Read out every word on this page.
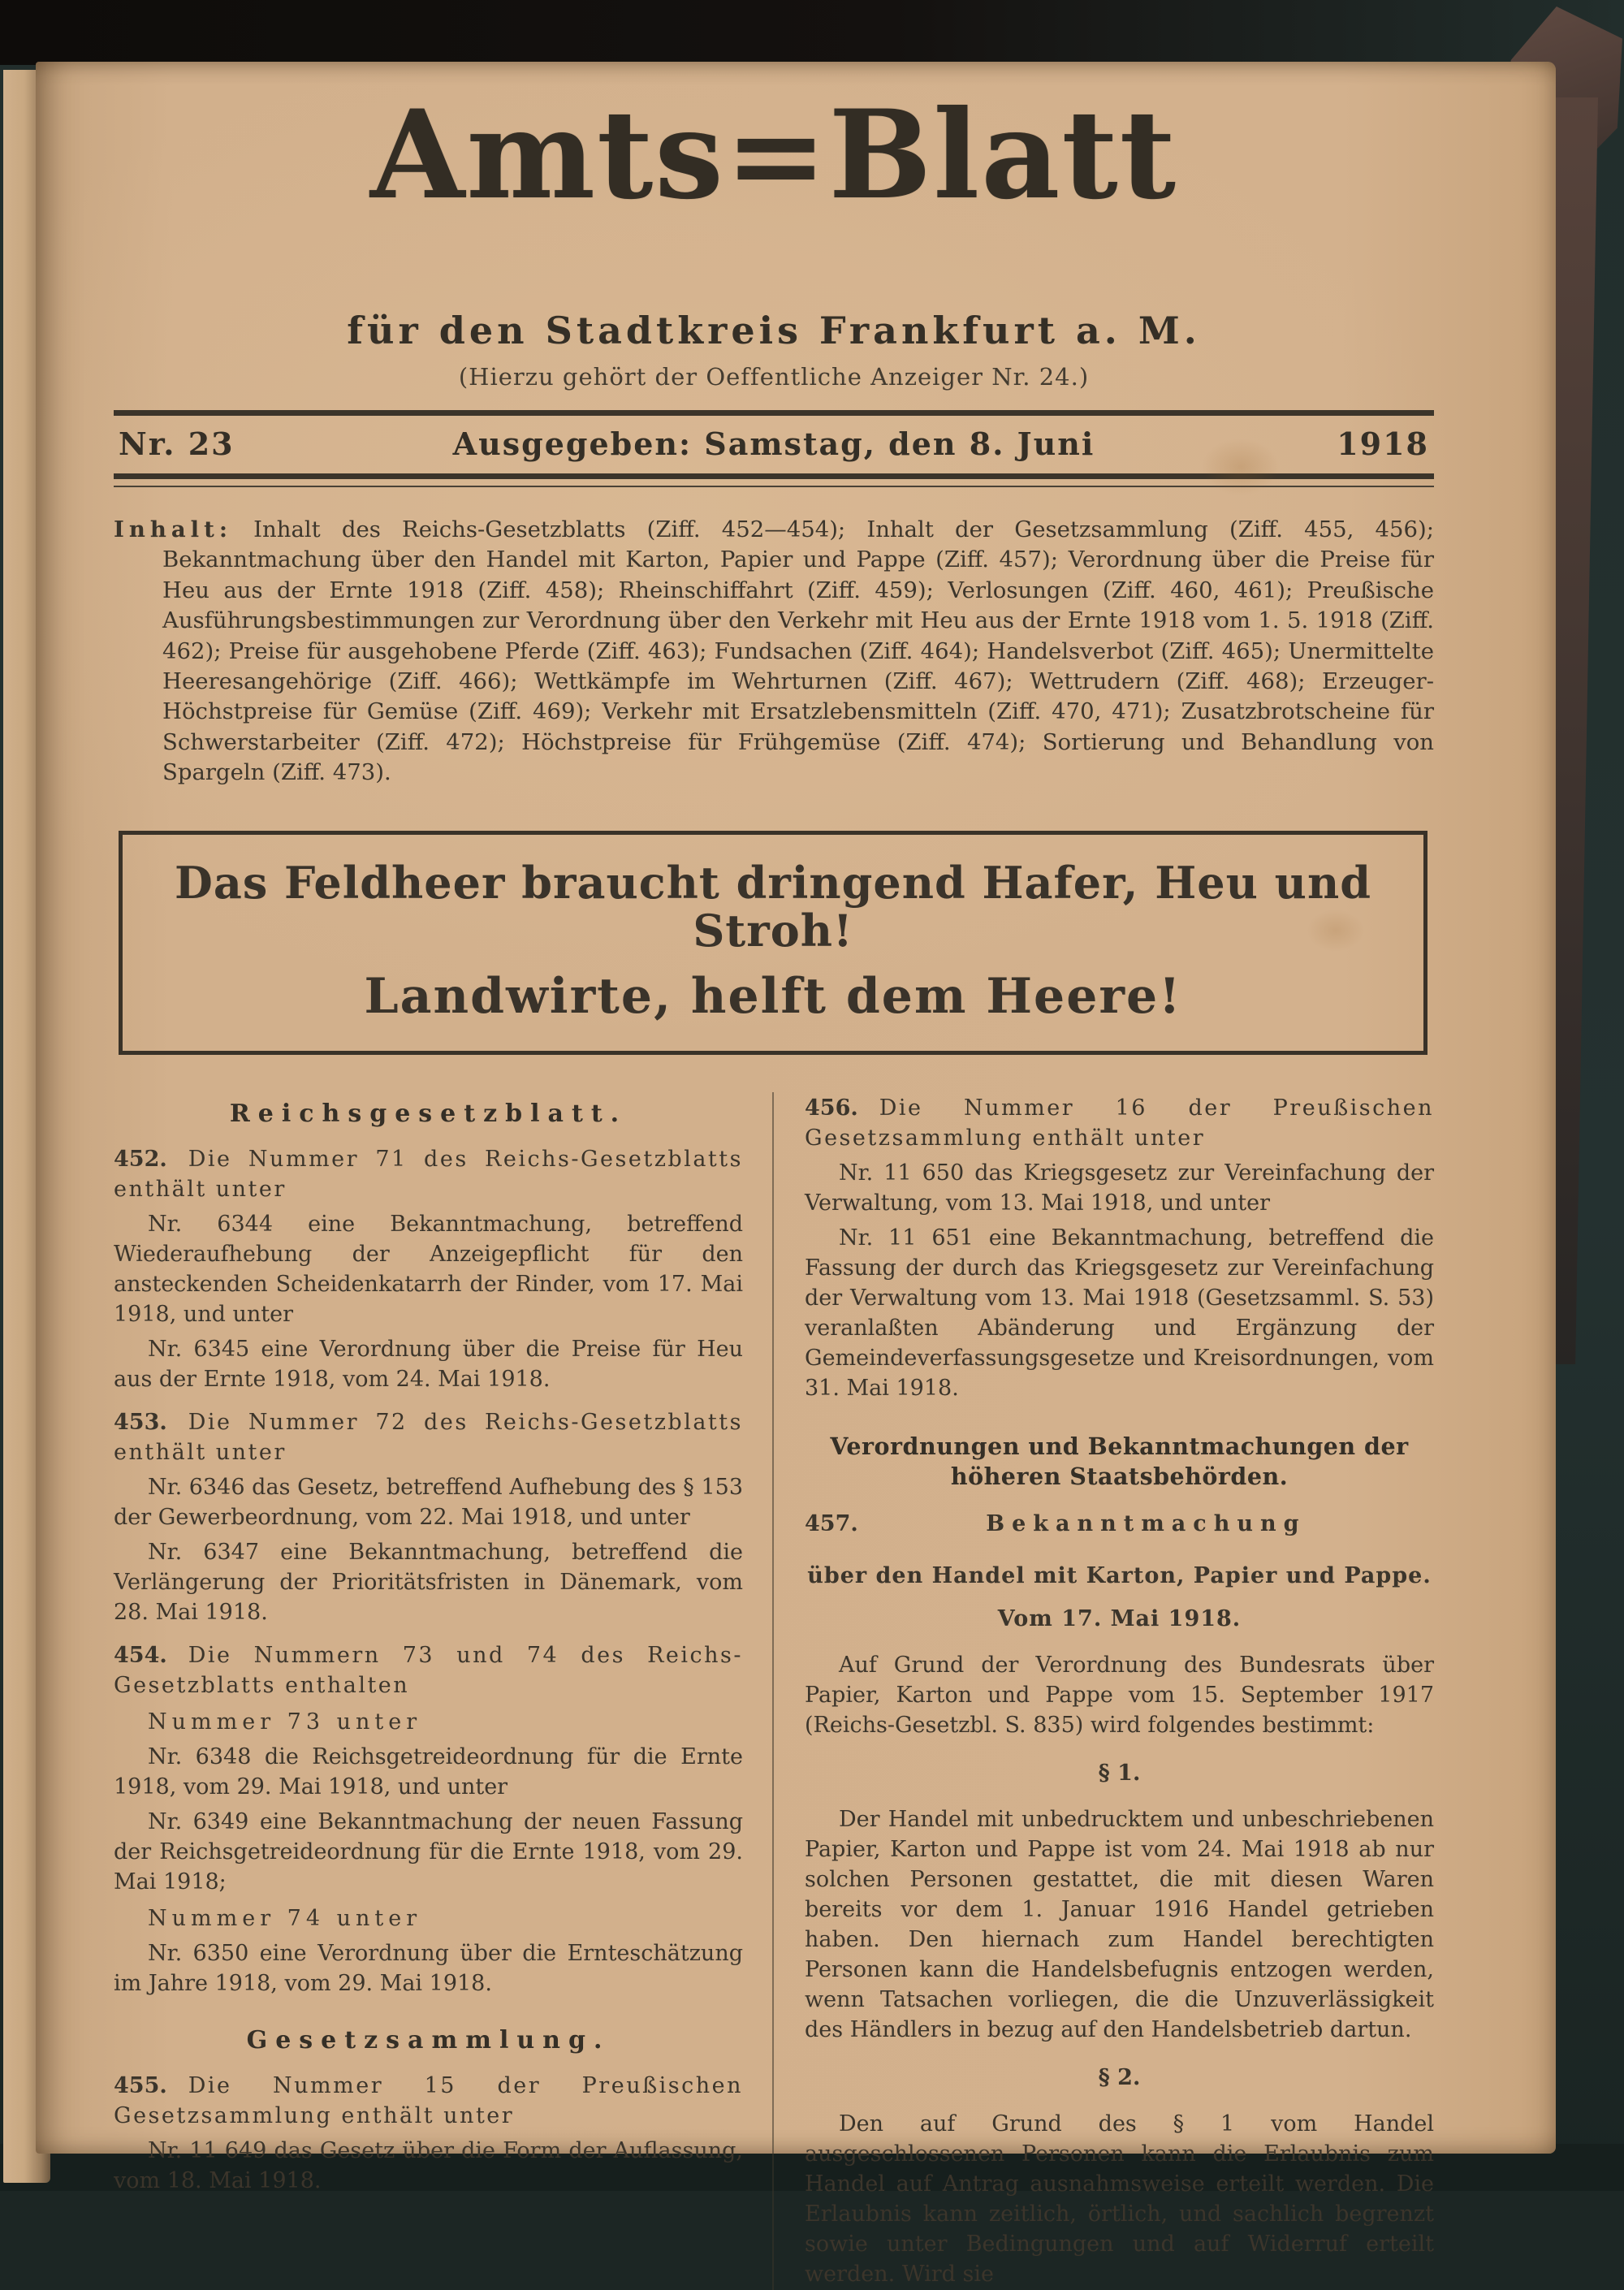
Amts=Blatt
für den Stadtkreis Frankfurt a. M.
(Hierzu gehört der Oeffentliche Anzeiger Nr. 24.)
Nr. 23	Ausgegeben: Samstag, den 8. Juni	1918

Inhalt: Inhalt des Reichs-Gesetzblatts (Ziff. 452—454); Inhalt der Gesetzsammlung (Ziff. 455, 456); Bekanntmachung über den Handel mit Karton, Papier und Pappe (Ziff. 457); Verordnung über die Preise für Heu aus der Ernte 1918 (Ziff. 458); Rheinschiffahrt (Ziff. 459); Verlosungen (Ziff. 460, 461); Preußische Ausführungsbestimmungen zur Verordnung über den Verkehr mit Heu aus der Ernte 1918 vom 1. 5. 1918 (Ziff. 462); Preise für ausgehobene Pferde (Ziff. 463); Fundsachen (Ziff. 464); Handelsverbot (Ziff. 465); Unermittelte Heeresangehörige (Ziff. 466); Wettkämpfe im Wehrturnen (Ziff. 467); Wettrudern (Ziff. 468); Erzeuger-Höchstpreise für Gemüse (Ziff. 469); Verkehr mit Ersatzlebensmitteln (Ziff. 470, 471); Zusatzbrotscheine für Schwerstarbeiter (Ziff. 472); Höchstpreise für Frühgemüse (Ziff. 474); Sortierung und Behandlung von Spargeln (Ziff. 473).

Das Feldheer braucht dringend Hafer, Heu und Stroh!
Landwirte, helft dem Heere!
Reichsgesetzblatt.

452. Die Nummer 71 des Reichs-Gesetzblatts enthält unter

Nr. 6344 eine Bekanntmachung, betreffend Wiederaufhebung der Anzeigepflicht für den ansteckenden Scheidenkatarrh der Rinder, vom 17. Mai 1918, und unter

Nr. 6345 eine Verordnung über die Preise für Heu aus der Ernte 1918, vom 24. Mai 1918.

453. Die Nummer 72 des Reichs-Gesetzblatts enthält unter

Nr. 6346 das Gesetz, betreffend Aufhebung des § 153 der Gewerbeordnung, vom 22. Mai 1918, und unter

Nr. 6347 eine Bekanntmachung, betreffend die Verlängerung der Prioritätsfristen in Dänemark, vom 28. Mai 1918.

454. Die Nummern 73 und 74 des Reichs-Gesetzblatts enthalten

Nummer 73 unter

Nr. 6348 die Reichsgetreideordnung für die Ernte 1918, vom 29. Mai 1918, und unter

Nr. 6349 eine Bekanntmachung der neuen Fassung der Reichsgetreideordnung für die Ernte 1918, vom 29. Mai 1918;

Nummer 74 unter

Nr. 6350 eine Verordnung über die Ernteschätzung im Jahre 1918, vom 29. Mai 1918.

Gesetzsammlung.

455. Die Nummer 15 der Preußischen Gesetzsammlung enthält unter

Nr. 11 649 das Gesetz über die Form der Auflassung, vom 18. Mai 1918.

456. Die Nummer 16 der Preußischen Gesetzsammlung enthält unter

Nr. 11 650 das Kriegsgesetz zur Vereinfachung der Verwaltung, vom 13. Mai 1918, und unter

Nr. 11 651 eine Bekanntmachung, betreffend die Fassung der durch das Kriegsgesetz zur Vereinfachung der Verwaltung vom 13. Mai 1918 (Gesetzsamml. S. 53) veranlaßten Abänderung und Ergänzung der Gemeindeverfassungsgesetze und Kreisordnungen, vom 31. Mai 1918.

Verordnungen und Bekanntmachungen der höheren Staatsbehörden.

457.	Bekanntmachung

über den Handel mit Karton, Papier und Pappe.

Vom 17. Mai 1918.

Auf Grund der Verordnung des Bundesrats über Papier, Karton und Pappe vom 15. September 1917 (Reichs-Gesetzbl. S. 835) wird folgendes bestimmt:

§ 1.

Der Handel mit unbedrucktem und unbeschriebenen Papier, Karton und Pappe ist vom 24. Mai 1918 ab nur solchen Personen gestattet, die mit diesen Waren bereits vor dem 1. Januar 1916 Handel getrieben haben. Den hiernach zum Handel berechtigten Personen kann die Handelsbefugnis entzogen werden, wenn Tatsachen vorliegen, die die Unzuverlässigkeit des Händlers in bezug auf den Handelsbetrieb dartun.

§ 2.

Den auf Grund des § 1 vom Handel ausgeschlossenen Personen kann die Erlaubnis zum Handel auf Antrag ausnahmsweise erteilt werden. Die Erlaubnis kann zeitlich, örtlich, und sachlich begrenzt sowie unter Bedingungen und auf Widerruf erteilt werden. Wird sie
